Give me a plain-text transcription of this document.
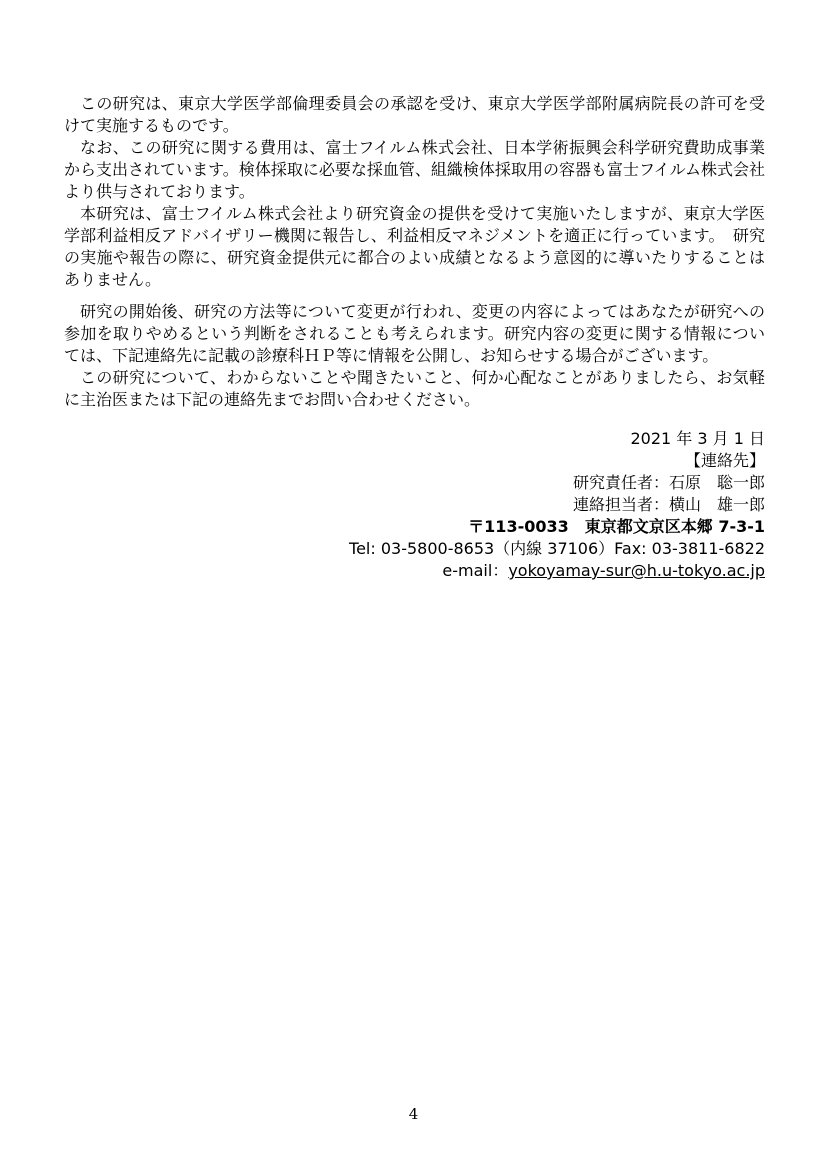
この研究は、東京大学医学部倫理委員会の承認を受け、東京大学医学部附属病院長の許可を受けて実施するものです。

なお、この研究に関する費用は、富士フイルム株式会社、日本学術振興会科学研究費助成事業から支出されています。検体採取に必要な採血管、組織検体採取用の容器も富士フイルム株式会社より供与されております。

本研究は、富士フイルム株式会社より研究資金の提供を受けて実施いたしますが、東京大学医学部利益相反アドバイザリー機関に報告し、利益相反マネジメントを適正に行っています。　研究の実施や報告の際に、研究資金提供元に都合のよい成績となるよう意図的に導いたりすることはありません。

研究の開始後、研究の方法等について変更が行われ、変更の内容によってはあなたが研究への参加を取りやめるという判断をされることも考えられます。研究内容の変更に関する情報については、下記連絡先に記載の診療科ＨＰ等に情報を公開し、お知らせする場合がございます。

この研究について、わからないことや聞きたいこと、何か心配なことがありましたら、お気軽に主治医または下記の連絡先までお問い合わせください。

2021 年 3 月 1 日
【連絡先】
研究責任者：石原　聡一郎
連絡担当者：横山　雄一郎
〒113-0033　東京都文京区本郷 7-3-1
Tel: 03-5800-8653（内線 37106）Fax: 03-3811-6822
e-mail：yokoyamay-sur@h.u-tokyo.ac.jp
4
